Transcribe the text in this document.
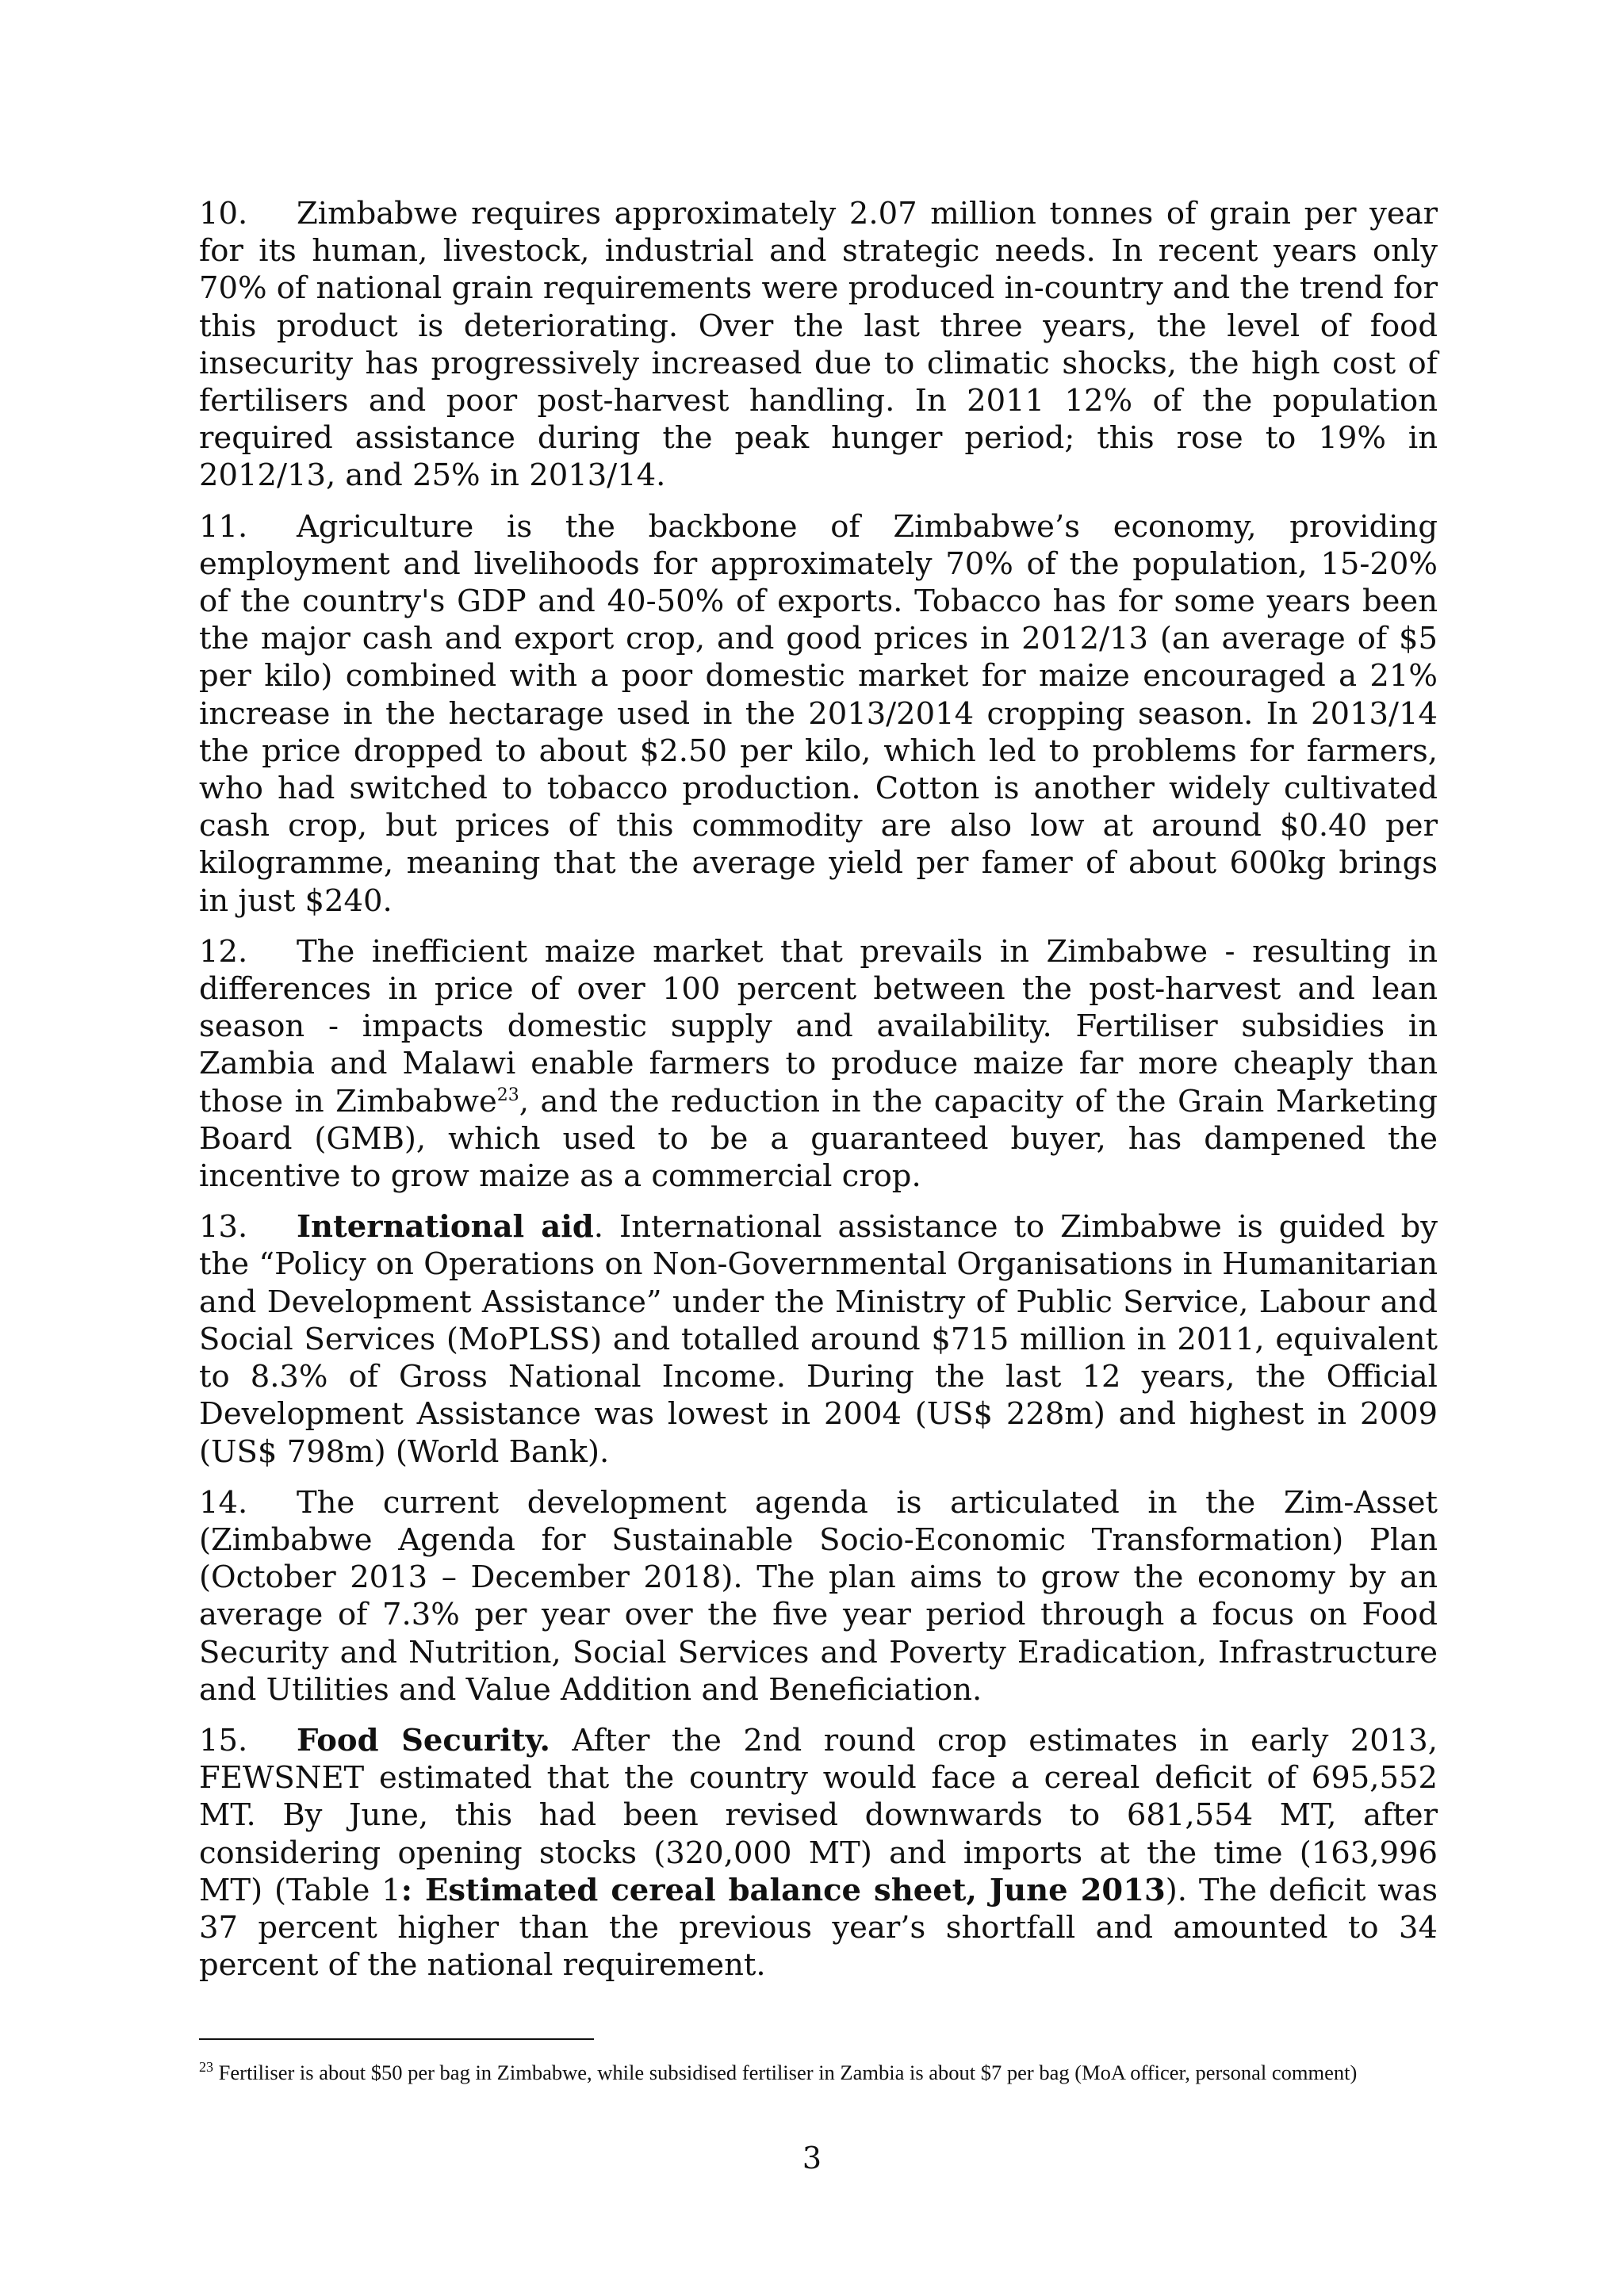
10. Zimbabwe requires approximately 2.07 million tonnes of grain per year for its human, livestock, industrial and strategic needs. In recent years only 70% of national grain requirements were produced in-country and the trend for this product is deteriorating. Over the last three years, the level of food insecurity has progressively increased due to climatic shocks, the high cost of fertilisers and poor post-harvest handling. In 2011 12% of the population required assistance during the peak hunger period; this rose to 19% in 2012/13, and 25% in 2013/14.

11. Agriculture is the backbone of Zimbabwe’s economy, providing employment and livelihoods for approximately 70% of the population, 15-20% of the country's GDP and 40-50% of exports. Tobacco has for some years been the major cash and export crop, and good prices in 2012/13 (an average of $5 per kilo) combined with a poor domestic market for maize encouraged a 21% increase in the hectarage used in the 2013/2014 cropping season. In 2013/14 the price dropped to about $2.50 per kilo, which led to problems for farmers, who had switched to tobacco production. Cotton is another widely cultivated cash crop, but prices of this commodity are also low at around $0.40 per kilogramme, meaning that the average yield per famer of about 600kg brings in just $240.

12. The inefficient maize market that prevails in Zimbabwe - resulting in differences in price of over 100 percent between the post-harvest and lean season - impacts domestic supply and availability. Fertiliser subsidies in Zambia and Malawi enable farmers to produce maize far more cheaply than those in Zimbabwe$^{23}$, and the reduction in the capacity of the Grain Marketing Board (GMB), which used to be a guaranteed buyer, has dampened the incentive to grow maize as a commercial crop.

13. International aid. International assistance to Zimbabwe is guided by the “Policy on Operations on Non-Governmental Organisations in Humanitarian and Development Assistance” under the Ministry of Public Service, Labour and Social Services (MoPLSS) and totalled around $715 million in 2011, equivalent to 8.3% of Gross National Income. During the last 12 years, the Official Development Assistance was lowest in 2004 (US$ 228m) and highest in 2009 (US$ 798m) (World Bank).

14. The current development agenda is articulated in the Zim-Asset (Zimbabwe Agenda for Sustainable Socio-Economic Transformation) Plan (October 2013 – December 2018). The plan aims to grow the economy by an average of 7.3% per year over the five year period through a focus on Food Security and Nutrition, Social Services and Poverty Eradication, Infrastructure and Utilities and Value Addition and Beneficiation.

15. Food Security. After the 2nd round crop estimates in early 2013, FEWSNET estimated that the country would face a cereal deficit of 695,552 MT. By June, this had been revised downwards to 681,554 MT, after considering opening stocks (320,000 MT) and imports at the time (163,996 MT) (Table 1: Estimated cereal balance sheet, June 2013). The deficit was 37 percent higher than the previous year’s shortfall and amounted to 34 percent of the national requirement.

$^{23}$ Fertiliser is about $50 per bag in Zimbabwe, while subsidised fertiliser in Zambia is about $7 per bag (MoA officer, personal comment)
3
